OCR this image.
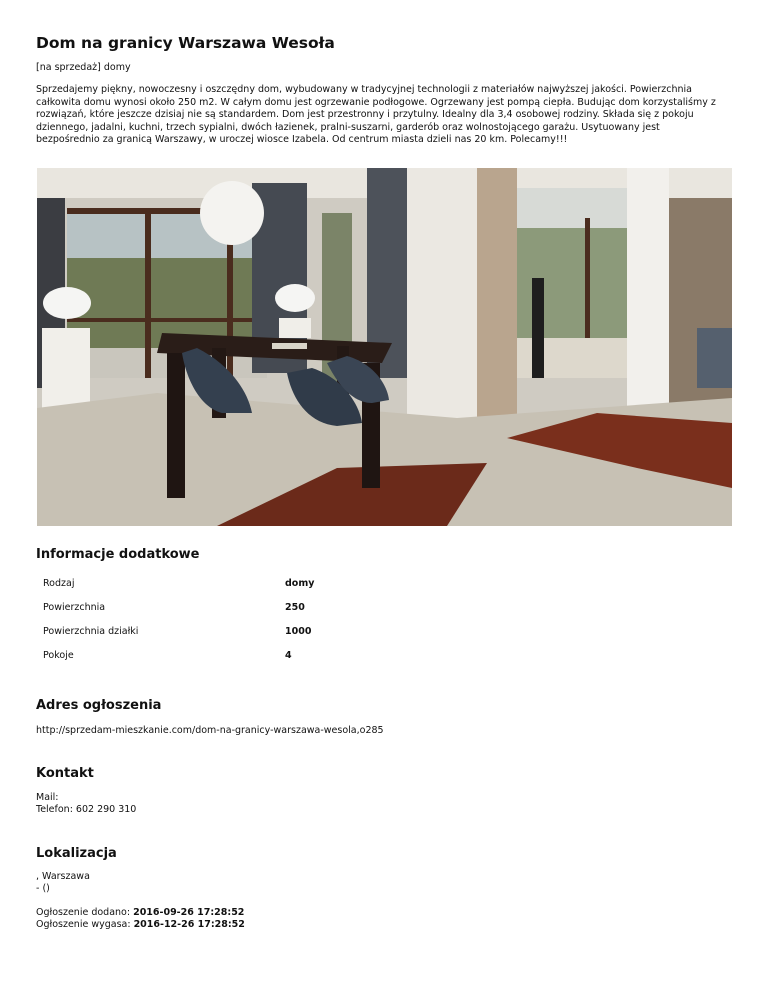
Dom na granicy Warszawa Wesoła
[na sprzedaż] domy
Sprzedajemy piękny, nowoczesny i oszczędny dom, wybudowany w tradycyjnej technologii z materiałów najwyższej jakości. Powierzchnia całkowita domu wynosi około 250 m2. W całym domu jest ogrzewanie podłogowe. Ogrzewany jest pompą ciepła. Budując dom korzystaliśmy z rozwiązań, które jeszcze dzisiaj nie są standardem. Dom jest przestronny i przytulny. Idealny dla 3,4 osobowej rodziny. Składa się z pokoju dziennego, jadalni, kuchni, trzech sypialni, dwóch łazienek, pralni-suszarni, garderób oraz wolnostojącego garażu. Usytuowany jest bezpośrednio za granicą Warszawy, w uroczej wiosce Izabela. Od centrum miasta dzieli nas 20 km. Polecamy!!!
Informacje dodatkowe
Rodzaj	domy
Powierzchnia	250
Powierzchnia działki	1000
Pokoje	4
Adres ogłoszenia
http://sprzedam-mieszkanie.com/dom-na-granicy-warszawa-wesola,o285
Kontakt
Mail:
Telefon: 602 290 310
Lokalizacja
, Warszawa
- ()
Ogłoszenie dodano: 2016-09-26 17:28:52
Ogłoszenie wygasa: 2016-12-26 17:28:52
